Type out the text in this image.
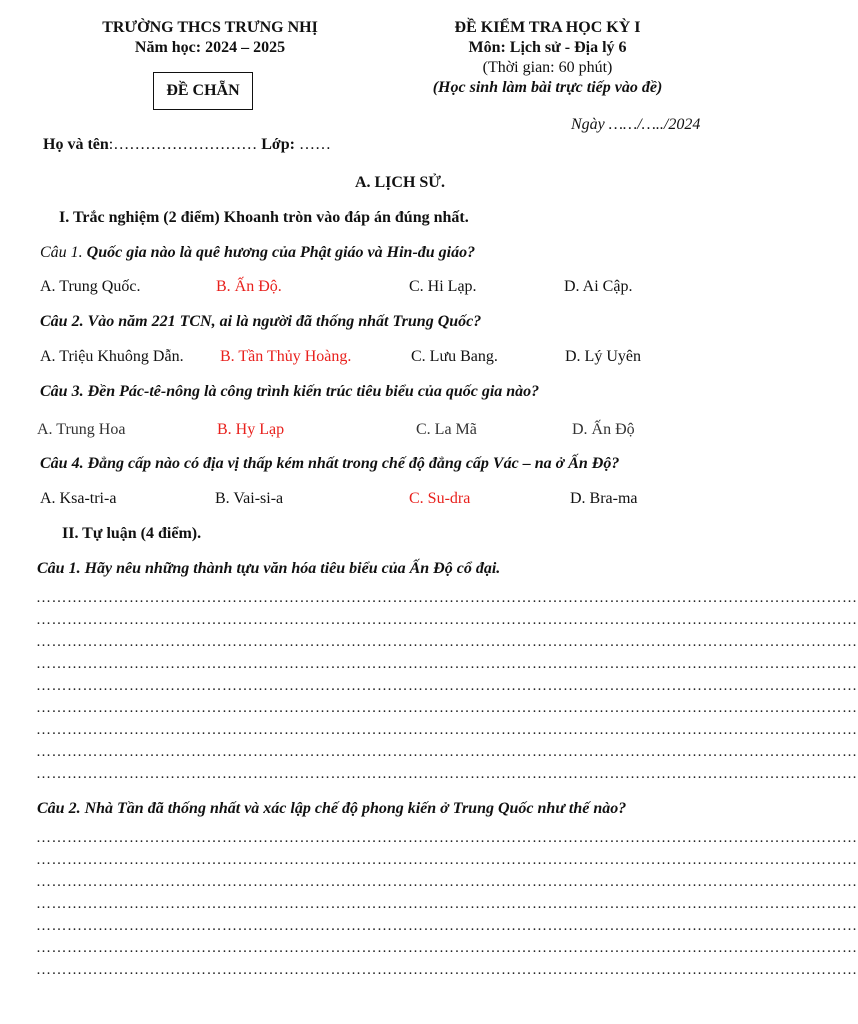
TRƯỜNG THCS TRƯNG NHỊ
Năm học: 2024 – 2025
ĐỀ KIỂM TRA HỌC KỲ I
Môn: Lịch sử - Địa lý 6
(Thời gian: 60 phút)
(Học sinh làm bài trực tiếp vào đề)
ĐỀ CHẴN
Ngày ……/…../2024
Họ và tên:……………………… Lớp: ……
A. LỊCH SỬ.
I. Trắc nghiệm (2 điểm) Khoanh tròn vào đáp án đúng nhất.
Câu 1. Quốc gia nào là quê hương của Phật giáo và Hin-đu giáo?
A. Trung Quốc.	B. Ấn Độ.	C. Hi Lạp.	D. Ai Cập.
Câu 2. Vào năm 221 TCN, ai là người đã thống nhất Trung Quốc?
A. Triệu Khuông Dẫn. B. Tần Thủy Hoàng.	C. Lưu Bang.	D. Lý Uyên
Câu 3. Đền Pác-tê-nông là công trình kiến trúc tiêu biểu của quốc gia nào?
A. Trung Hoa	B. Hy Lạp	C. La Mã	D. Ấn Độ
Câu 4. Đẳng cấp nào có địa vị thấp kém nhất trong chế độ đẳng cấp Vác – na ở Ấn Độ?
A. Ksa-tri-a	B. Vai-si-a	C. Su-dra	D. Bra-ma
II. Tự luận (4 điểm).
Câu 1. Hãy nêu những thành tựu văn hóa tiêu biểu của Ấn Độ cổ đại.
……………………………………………………………………………………………………………………………………………
……………………………………………………………………………………………………………………………………………
……………………………………………………………………………………………………………………………………………
……………………………………………………………………………………………………………………………………………
……………………………………………………………………………………………………………………………………………
……………………………………………………………………………………………………………………………………………
……………………………………………………………………………………………………………………………………………
……………………………………………………………………………………………………………………………………………
……………………………………………………………………………………………………………………………………………
Câu 2. Nhà Tần đã thống nhất và xác lập chế độ phong kiến ở Trung Quốc như thế nào?
……………………………………………………………………………………………………………………………………………
……………………………………………………………………………………………………………………………………………
……………………………………………………………………………………………………………………………………………
……………………………………………………………………………………………………………………………………………
……………………………………………………………………………………………………………………………………………
……………………………………………………………………………………………………………………………………………
……………………………………………………………………………………………………………………………………………
